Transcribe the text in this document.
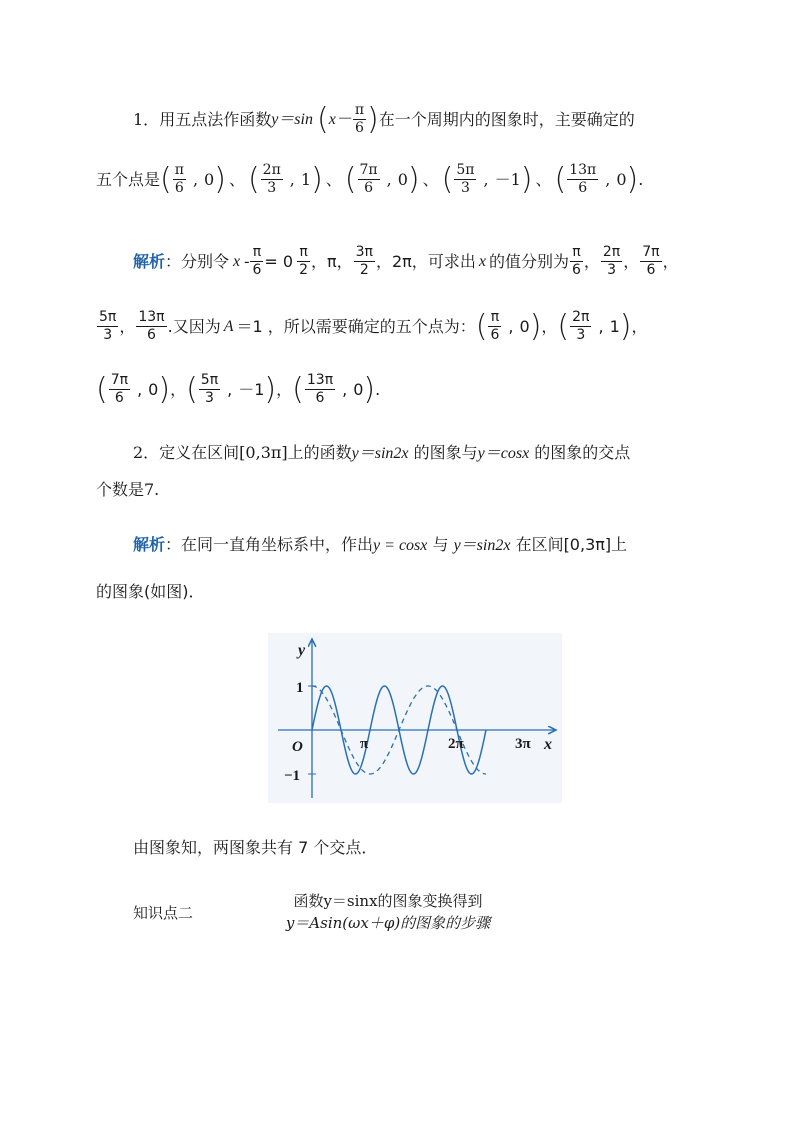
1． 用五点法作函数 y＝sin ( $x- \frac{\pi}{6}$ ) 在一个周期内的图象时，主要确定的
五个点是 ( $\frac{\pi}{6}$ , 0 ) 、 ( $\frac{2\pi}{3}$ , 1 ) 、 ( $\frac{7\pi}{6}$ , 0 ) 、 ( $\frac{5\pi}{3}$ , －1 ) 、 ( $\frac{13\pi}{6}$ , 0 ) .
解析 ： 分别令 $x - \frac{\pi}{6} = 0 \frac{\pi}{2}$ ，π， $\frac{3\pi}{2}$ ，2π， 可求出 x 的值分别为 $\frac{\pi}{6}$ ， $\frac{2\pi}{3}$ ， $\frac{7\pi}{6}$ ，
$\frac{5\pi}{3}$ ， $\frac{13\pi}{6}$ .又因为 A ＝1 ，所以需要确定的五个点为： ( $\frac{\pi}{6}$ , 0 ) ， ( $\frac{2\pi}{3}$ , 1 ) ，
( $\frac{7\pi}{6}$ , 0 ) ， ( $\frac{5\pi}{3}$ , －1 ) ， ( $\frac{13\pi}{6}$ , 0 ) .
2．定义在区间[0,3π]上的函数y＝sin2x 的图象与y＝cosx 的图象的交点
个数是7.
解析：在同一直角坐标系中，作出y = cosx 与 y＝sin2x 在区间[0,3π]上
的图象(如图)．
y
x
O
1
−1
π	2π	3π
由图象知，两图象共有 7 个交点．
知识点二
函数y＝sinx的图象变换得到
y＝Asin(ωx＋φ)的图象的步骤
